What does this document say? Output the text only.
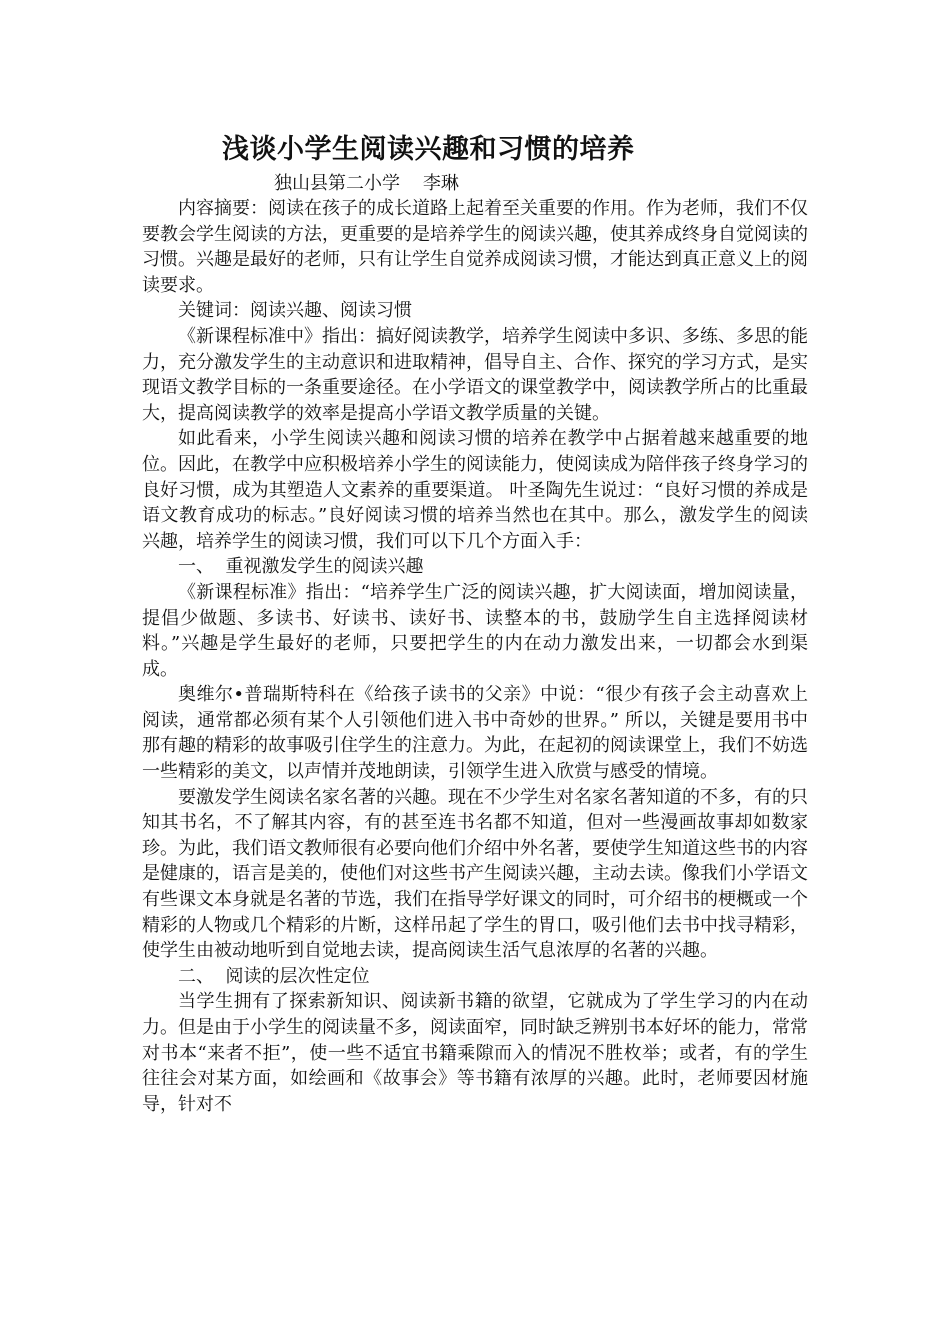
浅谈小学生阅读兴趣和习惯的培养
独山县第二小学    李琳

内容摘要：阅读在孩子的成长道路上起着至关重要的作用。作为老师，我们不仅要教会学生阅读的方法，更重要的是培养学生的阅读兴趣，使其养成终身自觉阅读的习惯。兴趣是最好的老师，只有让学生自觉养成阅读习惯，才能达到真正意义上的阅读要求。

关键词：阅读兴趣、阅读习惯

《新课程标准中》指出：搞好阅读教学，培养学生阅读中多识、多练、多思的能力，充分激发学生的主动意识和进取精神，倡导自主、合作、探究的学习方式，是实现语文教学目标的一条重要途径。在小学语文的课堂教学中，阅读教学所占的比重最大，提高阅读教学的效率是提高小学语文教学质量的关键。

如此看来，小学生阅读兴趣和阅读习惯的培养在教学中占据着越来越重要的地位。因此，在教学中应积极培养小学生的阅读能力，使阅读成为陪伴孩子终身学习的良好习惯，成为其塑造人文素养的重要渠道。 叶圣陶先生说过：“良好习惯的养成是语文教育成功的标志。”良好阅读习惯的培养当然也在其中。那么，激发学生的阅读兴趣，培养学生的阅读习惯，我们可以下几个方面入手：

一、  重视激发学生的阅读兴趣

《新课程标准》指出：“培养学生广泛的阅读兴趣，扩大阅读面，增加阅读量，提倡少做题、多读书、好读书、读好书、读整本的书，鼓励学生自主选择阅读材料。”兴趣是学生最好的老师，只要把学生的内在动力激发出来，一切都会水到渠成。

奥维尔•普瑞斯特科在《给孩子读书的父亲》中说：“很少有孩子会主动喜欢上阅读，通常都必须有某个人引领他们进入书中奇妙的世界。” 所以，关键是要用书中那有趣的精彩的故事吸引住学生的注意力。为此，在起初的阅读课堂上，我们不妨选一些精彩的美文，以声情并茂地朗读，引领学生进入欣赏与感受的情境。

要激发学生阅读名家名著的兴趣。现在不少学生对名家名著知道的不多，有的只知其书名，不了解其内容，有的甚至连书名都不知道，但对一些漫画故事却如数家珍。为此，我们语文教师很有必要向他们介绍中外名著，要使学生知道这些书的内容是健康的，语言是美的，使他们对这些书产生阅读兴趣，主动去读。像我们小学语文有些课文本身就是名著的节选，我们在指导学好课文的同时，可介绍书的梗概或一个精彩的人物或几个精彩的片断，这样吊起了学生的胃口，吸引他们去书中找寻精彩，使学生由被动地听到自觉地去读，提高阅读生活气息浓厚的名著的兴趣。

二、  阅读的层次性定位

当学生拥有了探索新知识、阅读新书籍的欲望，它就成为了学生学习的内在动力。但是由于小学生的阅读量不多，阅读面窄，同时缺乏辨别书本好坏的能力，常常对书本“来者不拒”，使一些不适宜书籍乘隙而入的情况不胜枚举；或者，有的学生往往会对某方面，如绘画和《故事会》等书籍有浓厚的兴趣。此时，老师要因材施导，针对不
